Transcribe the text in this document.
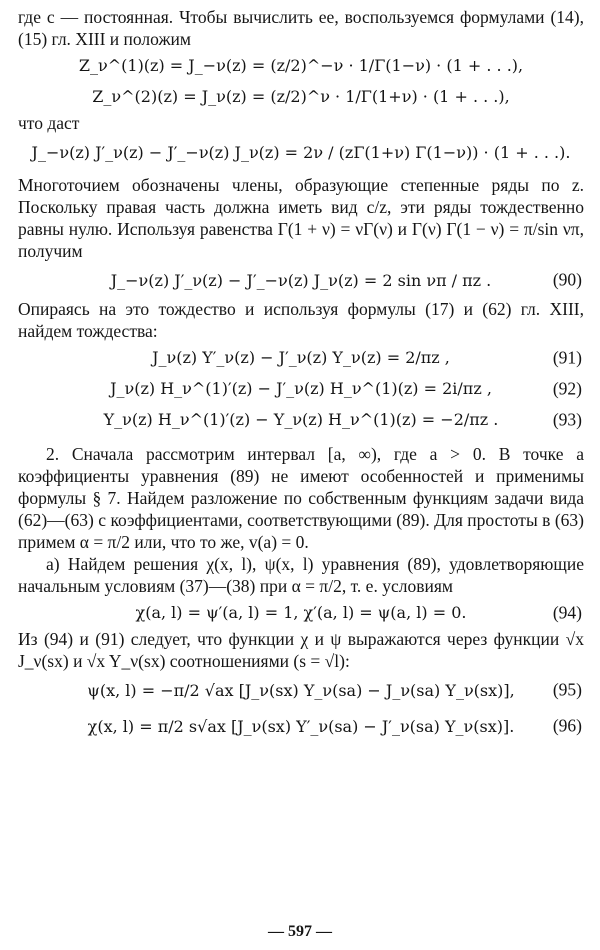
где c — постоянная. Чтобы вычислить ее, воспользуемся формулами (14), (15) гл. XIII и положим

Z_ν^(1)(z) = J_−ν(z) = (z/2)^−ν · 1/Γ(1−ν) · (1 + . . .),
Z_ν^(2)(z) = J_ν(z) = (z/2)^ν · 1/Γ(1+ν) · (1 + . . .),

что даст

J_−ν(z) J′_ν(z) − J′_−ν(z) J_ν(z) = 2ν / (zΓ(1+ν) Γ(1−ν)) · (1 + . . .).

Многоточием обозначены члены, образующие степенные ряды по z. Поскольку правая часть должна иметь вид c/z, эти ряды тождественно равны нулю. Используя равенства Γ(1 + ν) = νΓ(ν) и Γ(ν) Γ(1 − ν) = π/sin νπ, получим

J_−ν(z) J′_ν(z) − J′_−ν(z) J_ν(z) = 2 sin νπ / πz .	(90)

Опираясь на это тождество и используя формулы (17) и (62) гл. XIII, найдем тождества:

J_ν(z) Y′_ν(z) − J′_ν(z) Y_ν(z) = 2/πz ,	(91)
J_ν(z) H_ν^(1)′(z) − J′_ν(z) H_ν^(1)(z) = 2i/πz ,	(92)
Y_ν(z) H_ν^(1)′(z) − Y_ν(z) H_ν^(1)(z) = −2/πz .	(93)

2. Сначала рассмотрим интервал [a, ∞), где a > 0. В точке a коэффициенты уравнения (89) не имеют особенностей и применимы формулы § 7. Найдем разложение по собственным функциям задачи вида (62)—(63) с коэффициентами, соответствующими (89). Для простоты в (63) примем α = π/2 или, что то же, v(a) = 0.

а) Найдем решения χ(x, l), ψ(x, l) уравнения (89), удовлетворяющие начальным условиям (37)—(38) при α = π/2, т. е. условиям

χ(a, l) = ψ′(a, l) = 1, χ′(a, l) = ψ(a, l) = 0.	(94)

Из (94) и (91) следует, что функции χ и ψ выражаются через функции √x J_ν(sx) и √x Y_ν(sx) соотношениями (s = √l):

ψ(x, l) = −π/2 √ax [J_ν(sx) Y_ν(sa) − J_ν(sa) Y_ν(sx)], (95)
χ(x, l) = π/2 s√ax [J_ν(sx) Y′_ν(sa) − J′_ν(sa) Y_ν(sx)]. (96)
— 597 —
